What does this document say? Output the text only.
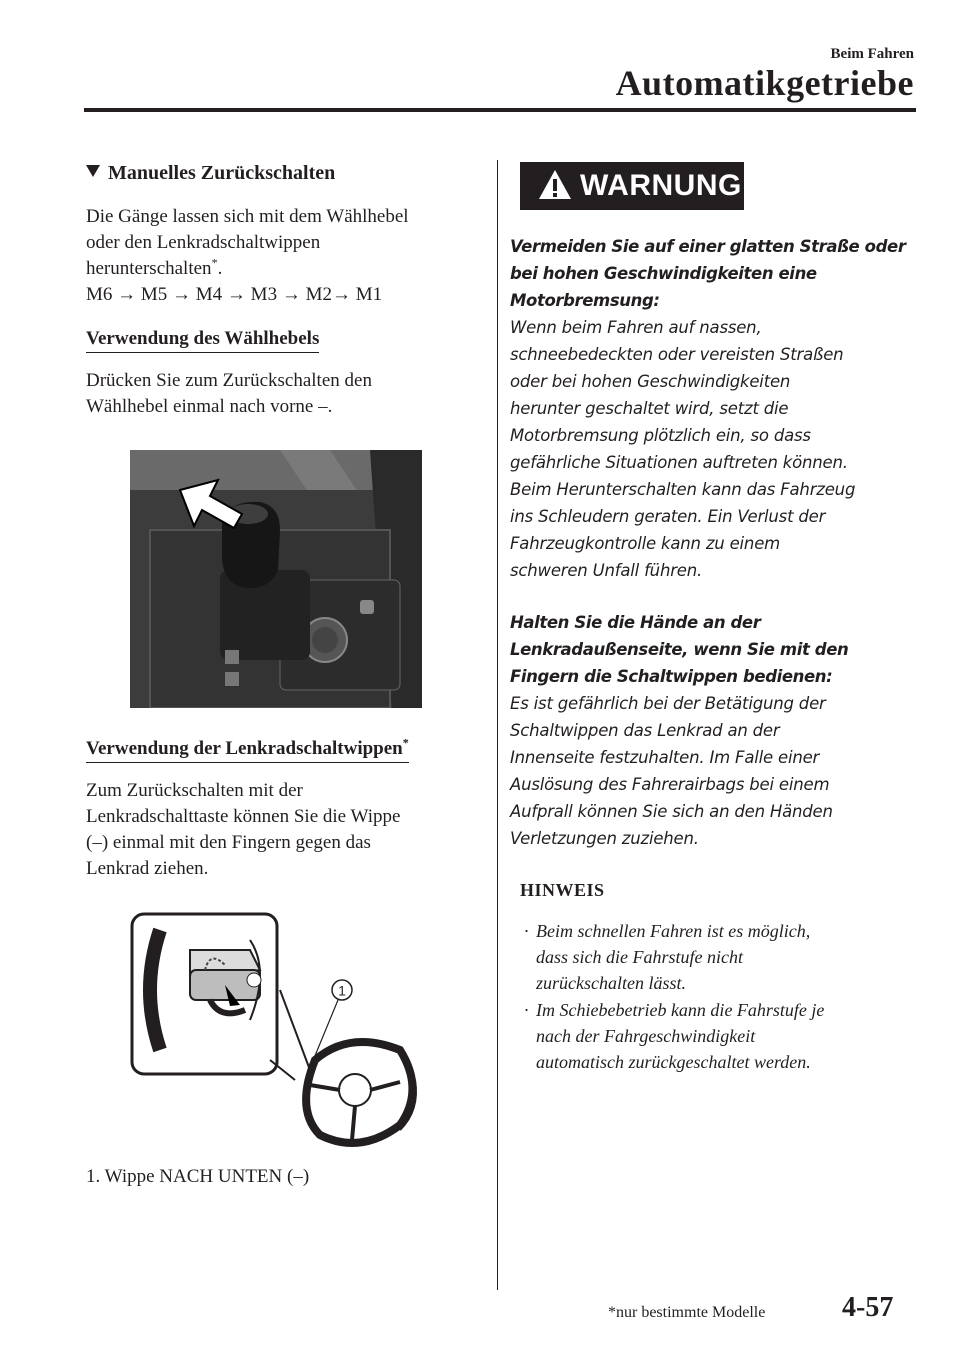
Beim Fahren
Automatikgetriebe
Manuelles Zurückschalten
Die Gänge lassen sich mit dem Wählhebel
oder den Lenkradschaltwippen
herunterschalten*.
M6 → M5 → M4 → M3 → M2→ M1
Verwendung des Wählhebels
Drücken Sie zum Zurückschalten den
Wählhebel einmal nach vorne –.
Verwendung der Lenkradschaltwippen*
Zum Zurückschalten mit der
Lenkradschalttaste können Sie die Wippe
(–) einmal mit den Fingern gegen das
Lenkrad ziehen.
1
1. Wippe NACH UNTEN (–)
WARNUNG
Vermeiden Sie auf einer glatten Straße oder
bei hohen Geschwindigkeiten eine
Motorbremsung:
Wenn beim Fahren auf nassen,
schneebedeckten oder vereisten Straßen
oder bei hohen Geschwindigkeiten
herunter geschaltet wird, setzt die
Motorbremsung plötzlich ein, so dass
gefährliche Situationen auftreten können.
Beim Herunterschalten kann das Fahrzeug
ins Schleudern geraten. Ein Verlust der
Fahrzeugkontrolle kann zu einem
schweren Unfall führen.
Halten Sie die Hände an der
Lenkradaußenseite, wenn Sie mit den
Fingern die Schaltwippen bedienen:
Es ist gefährlich bei der Betätigung der
Schaltwippen das Lenkrad an der
Innenseite festzuhalten. Im Falle einer
Auslösung des Fahrerairbags bei einem
Aufprall können Sie sich an den Händen
Verletzungen zuziehen.
HINWEIS
· Beim schnellen Fahren ist es möglich,
dass sich die Fahrstufe nicht
zurückschalten lässt.
· Im Schiebebetrieb kann die Fahrstufe je
nach der Fahrgeschwindigkeit
automatisch zurückgeschaltet werden.
*nur bestimmte Modelle	4-57
